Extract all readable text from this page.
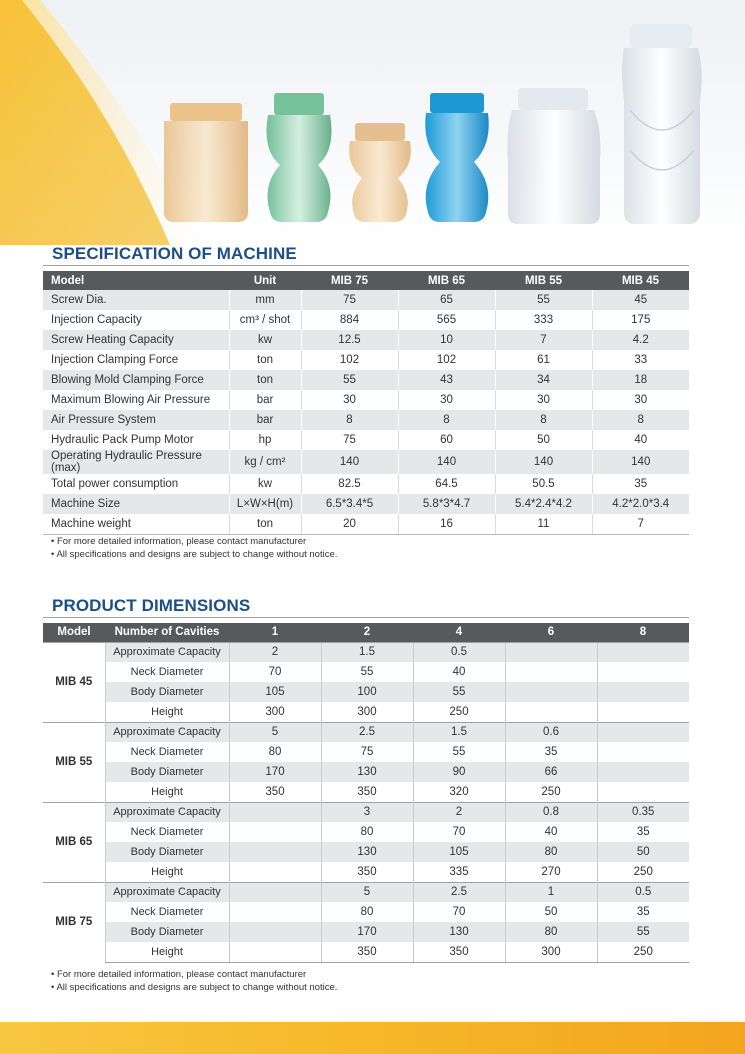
SPECIFICATION OF MACHINE
Model	Unit	MIB 75	MIB 65	MIB 55	MIB 45
Screw Dia.	mm	75	65	55	45
Injection Capacity	cm³ / shot	884	565	333	175
Screw Heating Capacity	kw	12.5	10	7	4.2
Injection Clamping Force	ton	102	102	61	33
Blowing Mold Clamping Force	ton	55	43	34	18
Maximum Blowing Air Pressure	bar	30	30	30	30
Air Pressure System	bar	8	8	8	8
Hydraulic Pack Pump Motor	hp	75	60	50	40
Operating Hydraulic Pressure (max)	kg / cm²	140	140	140	140
Total power consumption	kw	82.5	64.5	50.5	35
Machine Size	L×W×H(m)	6.5*3.4*5	5.8*3*4.7	5.4*2.4*4.2	4.2*2.0*3.4
Machine weight	ton	20	16	11	7
• For more detailed information, please contact manufacturer
• All specifications and designs are subject to change without notice.
PRODUCT DIMENSIONS
Model	Number of Cavities	1	2	4	6	8
MIB 45	Approximate Capacity	2	1.5	0.5		
	Neck Diameter	70	55	40		
	Body Diameter	105	100	55		
	Height	300	300	250		
MIB 55	Approximate Capacity	5	2.5	1.5	0.6	
	Neck Diameter	80	75	55	35	
	Body Diameter	170	130	90	66	
	Height	350	350	320	250	
MIB 65	Approximate Capacity		3	2	0.8	0.35
	Neck Diameter		80	70	40	35
	Body Diameter		130	105	80	50
	Height		350	335	270	250
MIB 75	Approximate Capacity		5	2.5	1	0.5
	Neck Diameter		80	70	50	35
	Body Diameter		170	130	80	55
	Height		350	350	300	250
• For more detailed information, please contact manufacturer
• All specifications and designs are subject to change without notice.
